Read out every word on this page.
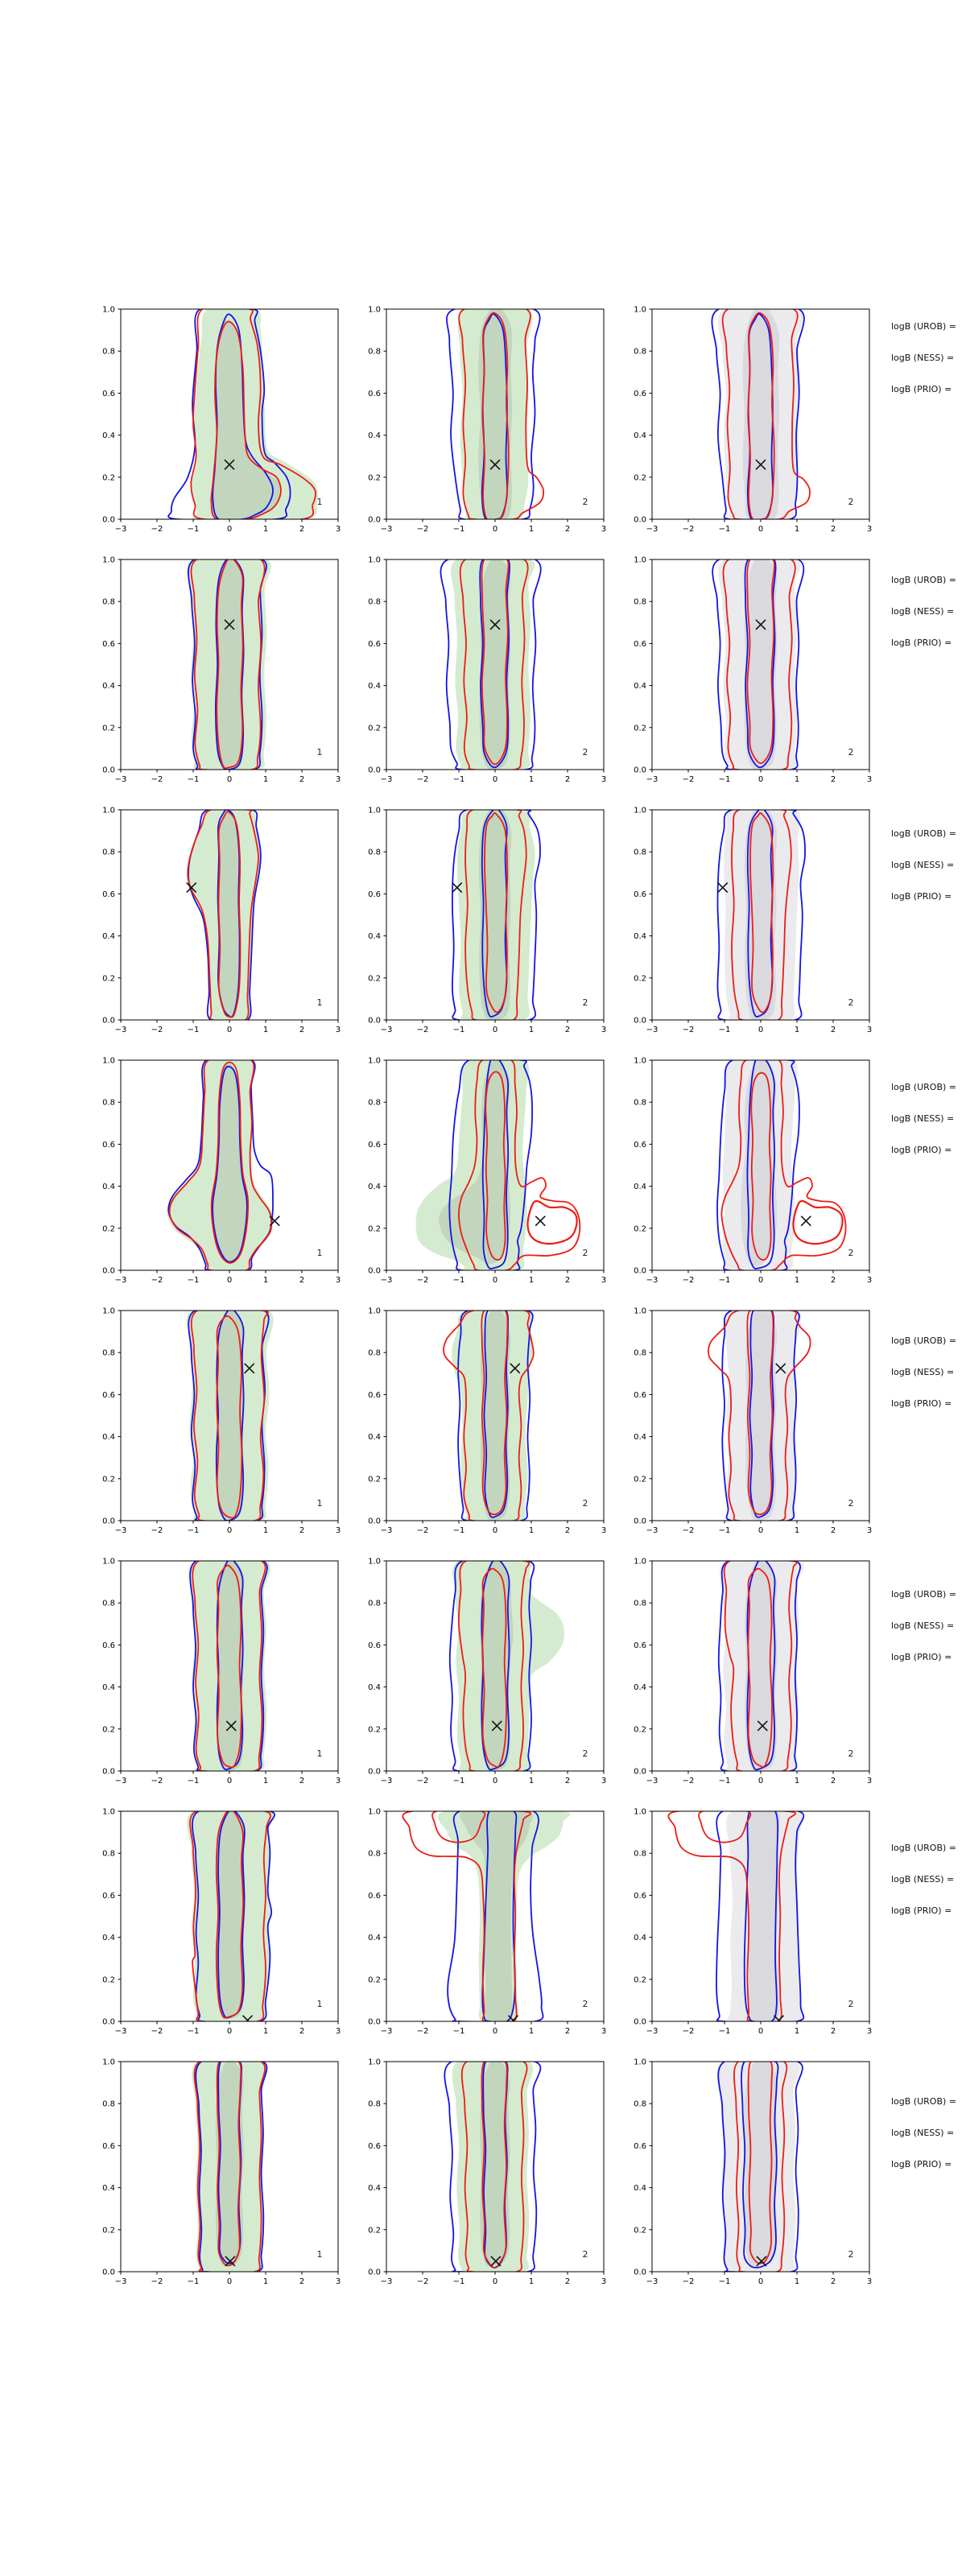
1
−3	−2	−1	0	1	2	3
0.0
0.2
0.4
0.6
0.8
1.0
2
−3	−2	−1	0	1	2	3
0.0
0.2
0.4
0.6
0.8
1.0
2
−3	−2	−1	0	1	2	3
0.0
0.2
0.4
0.6
0.8
1.0
1
−3	−2	−1	0	1	2	3
0.0
0.2
0.4
0.6
0.8
1.0
2
−3	−2	−1	0	1	2	3
0.0
0.2
0.4
0.6
0.8
1.0
2
−3	−2	−1	0	1	2	3
0.0
0.2
0.4
0.6
0.8
1.0
1
−3	−2	−1	0	1	2	3
0.0
0.2
0.4
0.6
0.8
1.0
2
−3	−2	−1	0	1	2	3
0.0
0.2
0.4
0.6
0.8
1.0
2
−3	−2	−1	0	1	2	3
0.0
0.2
0.4
0.6
0.8
1.0
1
−3	−2	−1	0	1	2	3
0.0
0.2
0.4
0.6
0.8
1.0
2
−3	−2	−1	0	1	2	3
0.0
0.2
0.4
0.6
0.8
1.0
2
−3	−2	−1	0	1	2	3
0.0
0.2
0.4
0.6
0.8
1.0
1
−3	−2	−1	0	1	2	3
0.0
0.2
0.4
0.6
0.8
1.0
2
−3	−2	−1	0	1	2	3
0.0
0.2
0.4
0.6
0.8
1.0
2
−3	−2	−1	0	1	2	3
0.0
0.2
0.4
0.6
0.8
1.0
1
−3	−2	−1	0	1	2	3
0.0
0.2
0.4
0.6
0.8
1.0
2
−3	−2	−1	0	1	2	3
0.0
0.2
0.4
0.6
0.8
1.0
2
−3	−2	−1	0	1	2	3
0.0
0.2
0.4
0.6
0.8
1.0
1
−3	−2	−1	0	1	2	3
0.0
0.2
0.4
0.6
0.8
1.0
2
−3	−2	−1	0	1	2	3
0.0
0.2
0.4
0.6
0.8
1.0
2
−3	−2	−1	0	1	2	3
0.0
0.2
0.4
0.6
0.8
1.0
1
−3	−2	−1	0	1	2	3
0.0
0.2
0.4
0.6
0.8
1.0
2
−3	−2	−1	0	1	2	3
0.0
0.2
0.4
0.6
0.8
1.0
2
−3	−2	−1	0	1	2	3
0.0
0.2
0.4
0.6
0.8
1.0
logB (UROB) =
logB (NESS) =
logB (PRIO) =
logB (UROB) =
logB (NESS) =
logB (PRIO) =
logB (UROB) =
logB (NESS) =
logB (PRIO) =
logB (UROB) =
logB (NESS) =
logB (PRIO) =
logB (UROB) =
logB (NESS) =
logB (PRIO) =
logB (UROB) =
logB (NESS) =
logB (PRIO) =
logB (UROB) =
logB (NESS) =
logB (PRIO) =
logB (UROB) =
logB (NESS) =
logB (PRIO) =
